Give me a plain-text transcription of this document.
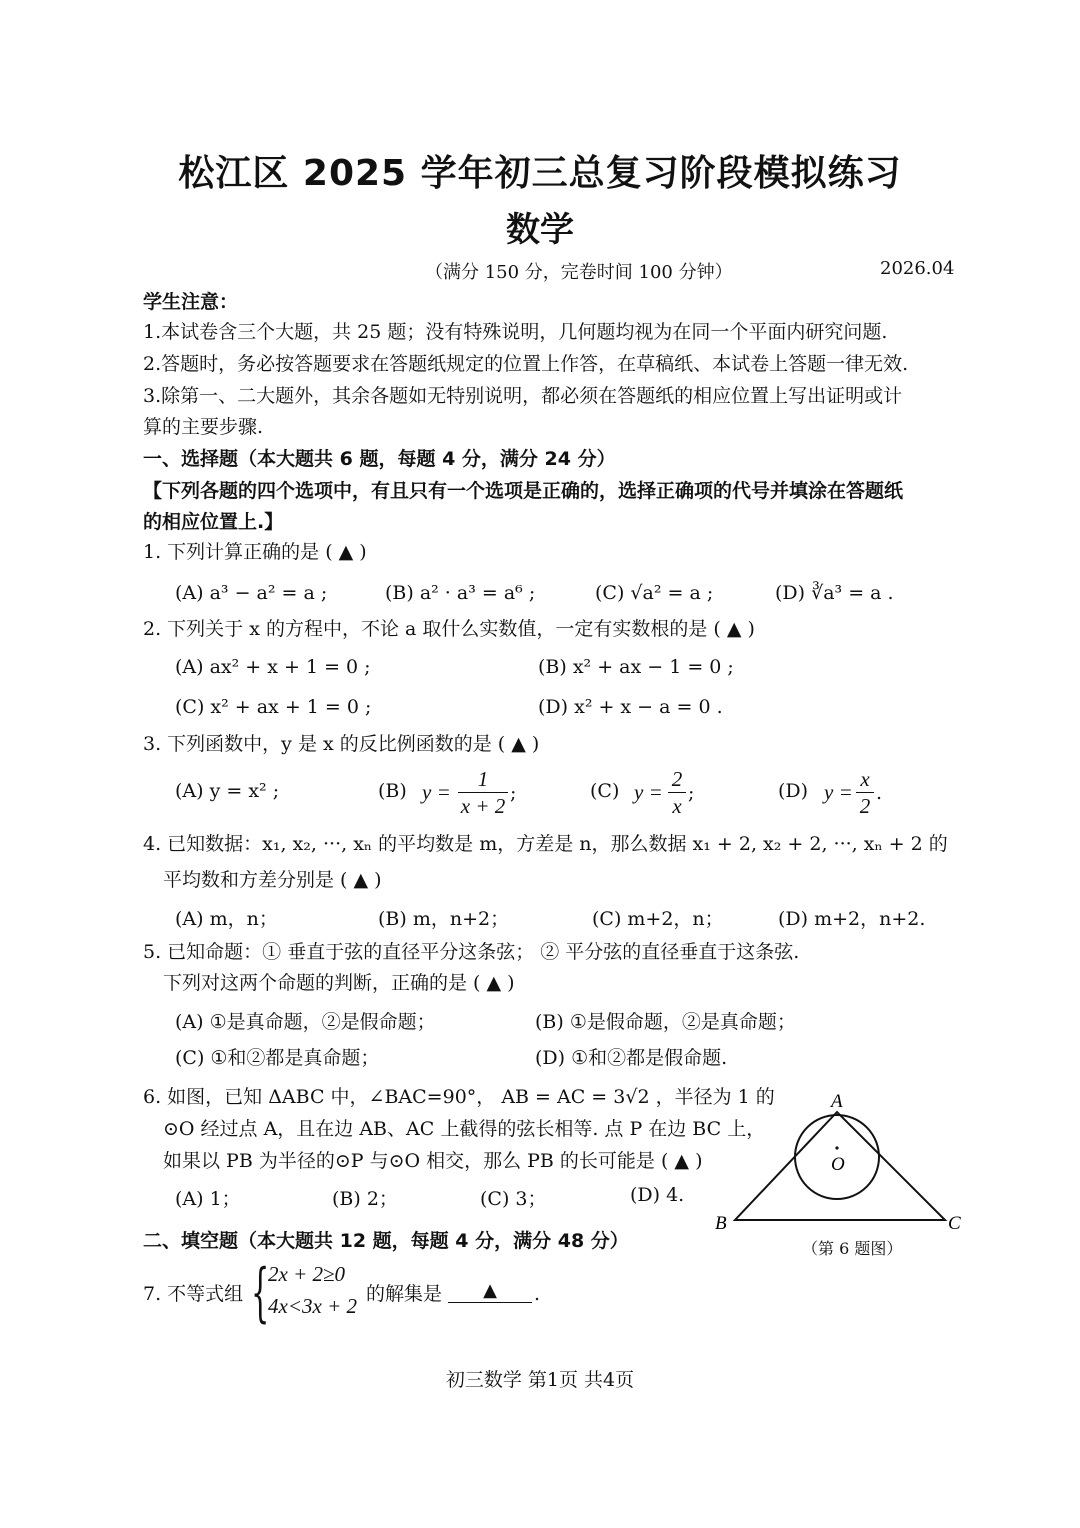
松江区 2025 学年初三总复习阶段模拟练习
数学
（满分 150 分，完卷时间 100 分钟）	2026.04
学生注意：
1.本试卷含三个大题，共 25 题；没有特殊说明，几何题均视为在同一个平面内研究问题.
2.答题时，务必按答题要求在答题纸规定的位置上作答，在草稿纸、本试卷上答题一律无效.
3.除第一、二大题外，其余各题如无特别说明，都必须在答题纸的相应位置上写出证明或计
算的主要步骤.
一、选择题（本大题共 6 题，每题 4 分，满分 24 分）
【下列各题的四个选项中，有且只有一个选项是正确的，选择正确项的代号并填涂在答题纸
的相应位置上.】
1. 下列计算正确的是 ( ▲ )
(A) a³ − a² = a ;	(B) a² · a³ = a⁶ ;	(C) √a² = a ;	(D) ∛a³ = a .
2. 下列关于 x 的方程中，不论 a 取什么实数值，一定有实数根的是 ( ▲ )
(A) ax² + x + 1 = 0 ;	(B) x² + ax − 1 = 0 ;
(C) x² + ax + 1 = 0 ;	(D) x² + x − a = 0 .
3. 下列函数中，y 是 x 的反比例函数的是 ( ▲ )
(A) y = x² ;	(B) $y = \frac{1}{x + 2}$ ;	(C) $y = \frac{2}{x}$ ;	(D) $y = \frac{x}{2}$ .
4. 已知数据：x₁, x₂, ···, xₙ 的平均数是 m，方差是 n，那么数据 x₁ + 2, x₂ + 2, ···, xₙ + 2 的
平均数和方差分别是 ( ▲ )
(A) m，n；	(B) m，n+2；	(C) m+2，n；	(D) m+2，n+2.
5. 已知命题：① 垂直于弦的直径平分这条弦； ② 平分弦的直径垂直于这条弦.
下列对这两个命题的判断，正确的是 ( ▲ )
(A) ①是真命题，②是假命题；	(B) ①是假命题，②是真命题；
(C) ①和②都是真命题；	(D) ①和②都是假命题.
6. 如图，已知 ΔABC 中，∠BAC=90°， AB = AC = 3√2 ，半径为 1 的
⊙O 经过点 A，且在边 AB、AC 上截得的弦长相等. 点 P 在边 BC 上，
如果以 PB 为半径的⊙P 与⊙O 相交，那么 PB 的长可能是 ( ▲ )
(A) 1；	(B) 2；	(C) 3；	(D) 4.
A
B	C
O
（第 6 题图）
二、填空题（本大题共 12 题，每题 4 分，满分 48 分）
7. 不等式组 {
2x + 2≥0
4x<3x + 2 的解集是	▲	.
初三数学 第1页 共4页
